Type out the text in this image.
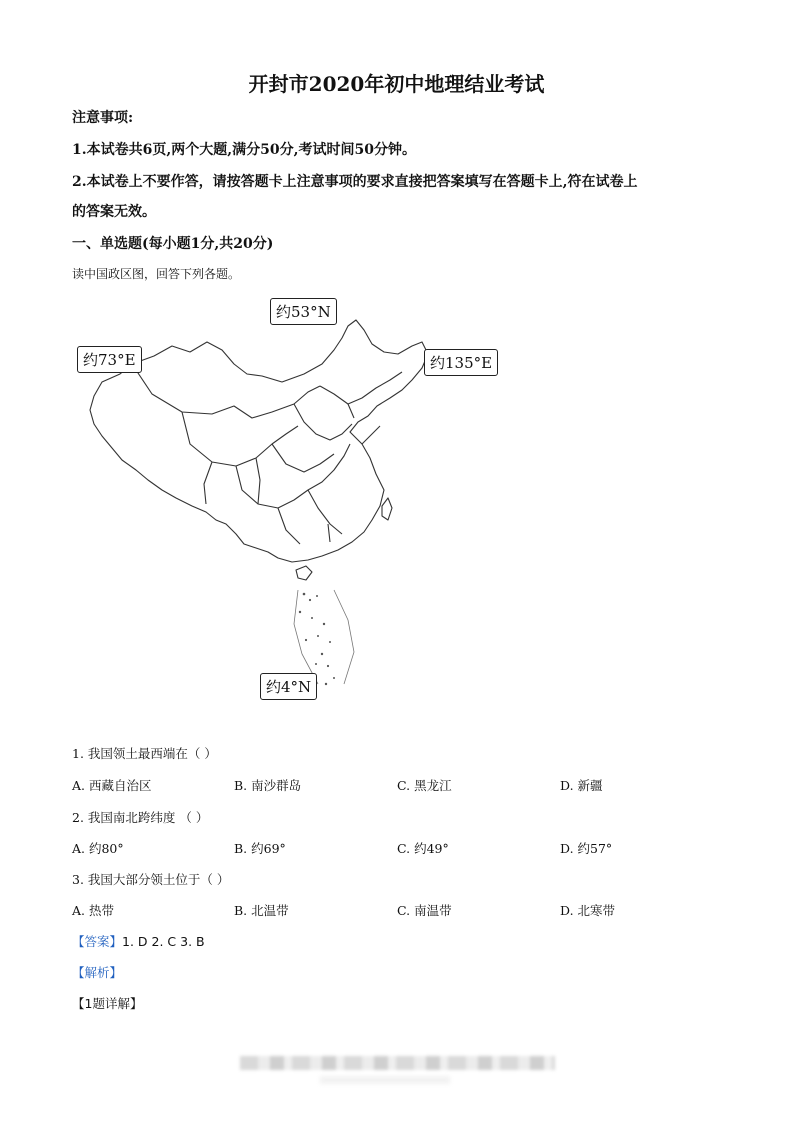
开封市2020年初中地理结业考试
注意事项:
1.本试卷共6页,两个大题,满分50分,考试时间50分钟。
2.本试卷上不要作答，请按答题卡上注意事项的要求直接把答案填写在答题卡上,符在试卷上
的答案无效。
一、单选题(每小题1分,共20分)
读中国政区图，回答下列各题。
约53°N
约73°E	约135°E
约4°N
1. 我国领土最西端在（ ）
A. 西藏自治区	B. 南沙群岛	C. 黑龙江	D. 新疆
2. 我国南北跨纬度 （ ）
A. 约80°	B. 约69°	C. 约49°	D. 约57°
3. 我国大部分领土位于（ ）
A. 热带	B. 北温带	C. 南温带	D. 北寒带
【答案】1. D 2. C 3. B
【解析】
【1题详解】
